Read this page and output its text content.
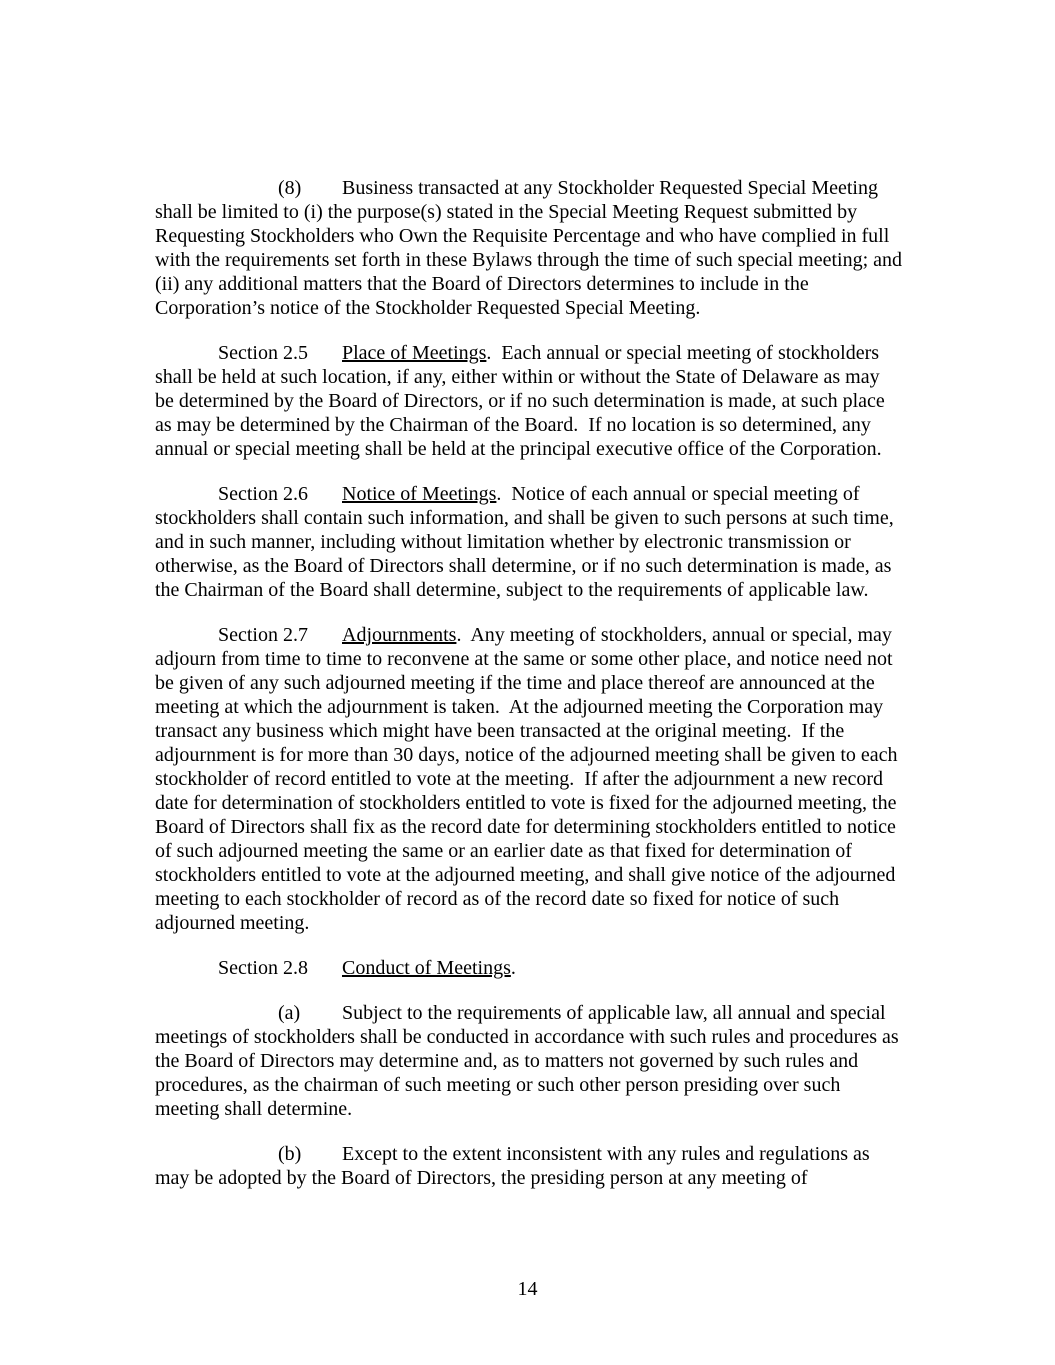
(8) Business transacted at any Stockholder Requested Special Meeting shall be limited to (i) the purpose(s) stated in the Special Meeting Request submitted by Requesting Stockholders who Own the Requisite Percentage and who have complied in full with the requirements set forth in these Bylaws through the time of such special meeting; and (ii) any additional matters that the Board of Directors determines to include in the Corporation’s notice of the Stockholder Requested Special Meeting.

Section 2.5 Place of Meetings.  Each annual or special meeting of stockholders shall be held at such location, if any, either within or without the State of Delaware as may be determined by the Board of Directors, or if no such determination is made, at such place as may be determined by the Chairman of the Board.  If no location is so determined, any annual or special meeting shall be held at the principal executive office of the Corporation.

Section 2.6 Notice of Meetings.  Notice of each annual or special meeting of stockholders shall contain such information, and shall be given to such persons at such time, and in such manner, including without limitation whether by electronic transmission or otherwise, as the Board of Directors shall determine, or if no such determination is made, as the Chairman of the Board shall determine, subject to the requirements of applicable law.

Section 2.7 Adjournments.  Any meeting of stockholders, annual or special, may adjourn from time to time to reconvene at the same or some other place, and notice need not be given of any such adjourned meeting if the time and place thereof are announced at the meeting at which the adjournment is taken.  At the adjourned meeting the Corporation may transact any business which might have been transacted at the original meeting.  If the adjournment is for more than 30 days, notice of the adjourned meeting shall be given to each stockholder of record entitled to vote at the meeting.  If after the adjournment a new record date for determination of stockholders entitled to vote is fixed for the adjourned meeting, the Board of Directors shall fix as the record date for determining stockholders entitled to notice of such adjourned meeting the same or an earlier date as that fixed for determination of stockholders entitled to vote at the adjourned meeting, and shall give notice of the adjourned meeting to each stockholder of record as of the record date so fixed for notice of such adjourned meeting.

Section 2.8 Conduct of Meetings.

(a) Subject to the requirements of applicable law, all annual and special meetings of stockholders shall be conducted in accordance with such rules and procedures as the Board of Directors may determine and, as to matters not governed by such rules and procedures, as the chairman of such meeting or such other person presiding over such meeting shall determine.

(b) Except to the extent inconsistent with any rules and regulations as may be adopted by the Board of Directors, the presiding person at any meeting of

14
